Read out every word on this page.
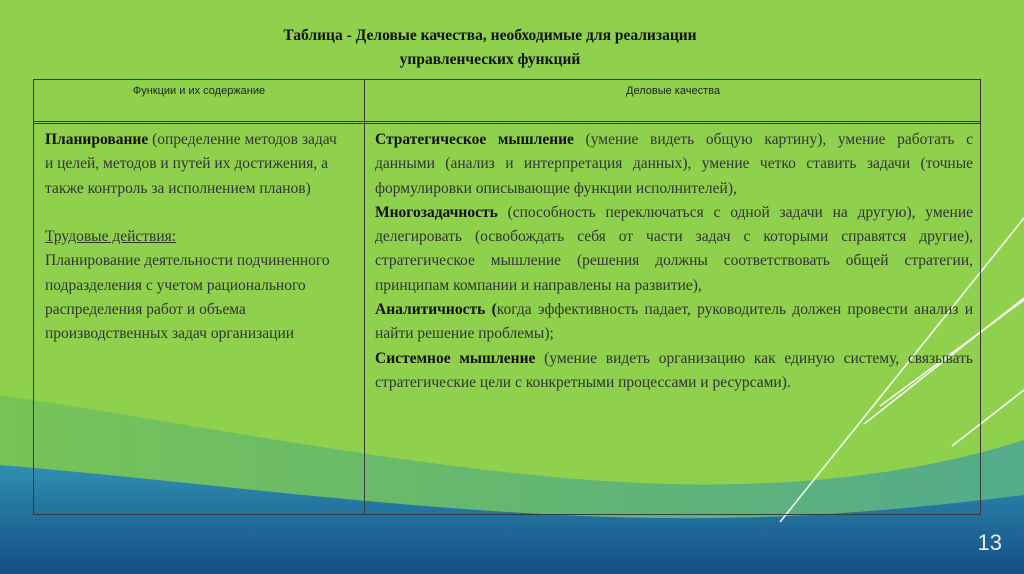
Таблица - Деловые качества, необходимые для реализации
управленческих функций
Функции и их содержание	Деловые качества

Планирование (определение методов задач и целей, методов и путей их достижения, а также контроль за исполнением планов)

Трудовые действия:

Планирование деятельности подчиненного подразделения с учетом рационального распределения работ и объема производственных задач организации

Стратегическое мышление (умение видеть общую картину), умение работать с данными (анализ и интерпретация данных), умение четко ставить задачи (точные формулировки описывающие функции исполнителей),

Многозадачность (способность переключаться с одной задачи на другую), умение делегировать (освобождать себя от части задач с которыми справятся другие), стратегическое мышление (решения должны соответствовать общей стратегии, принципам компании и направлены на развитие),

Аналитичность (когда эффективность падает, руководитель должен провести анализ и найти решение проблемы);

Системное мышление (умение видеть организацию как единую систему, связывать стратегические цели с конкретными процессами и ресурсами).

13
